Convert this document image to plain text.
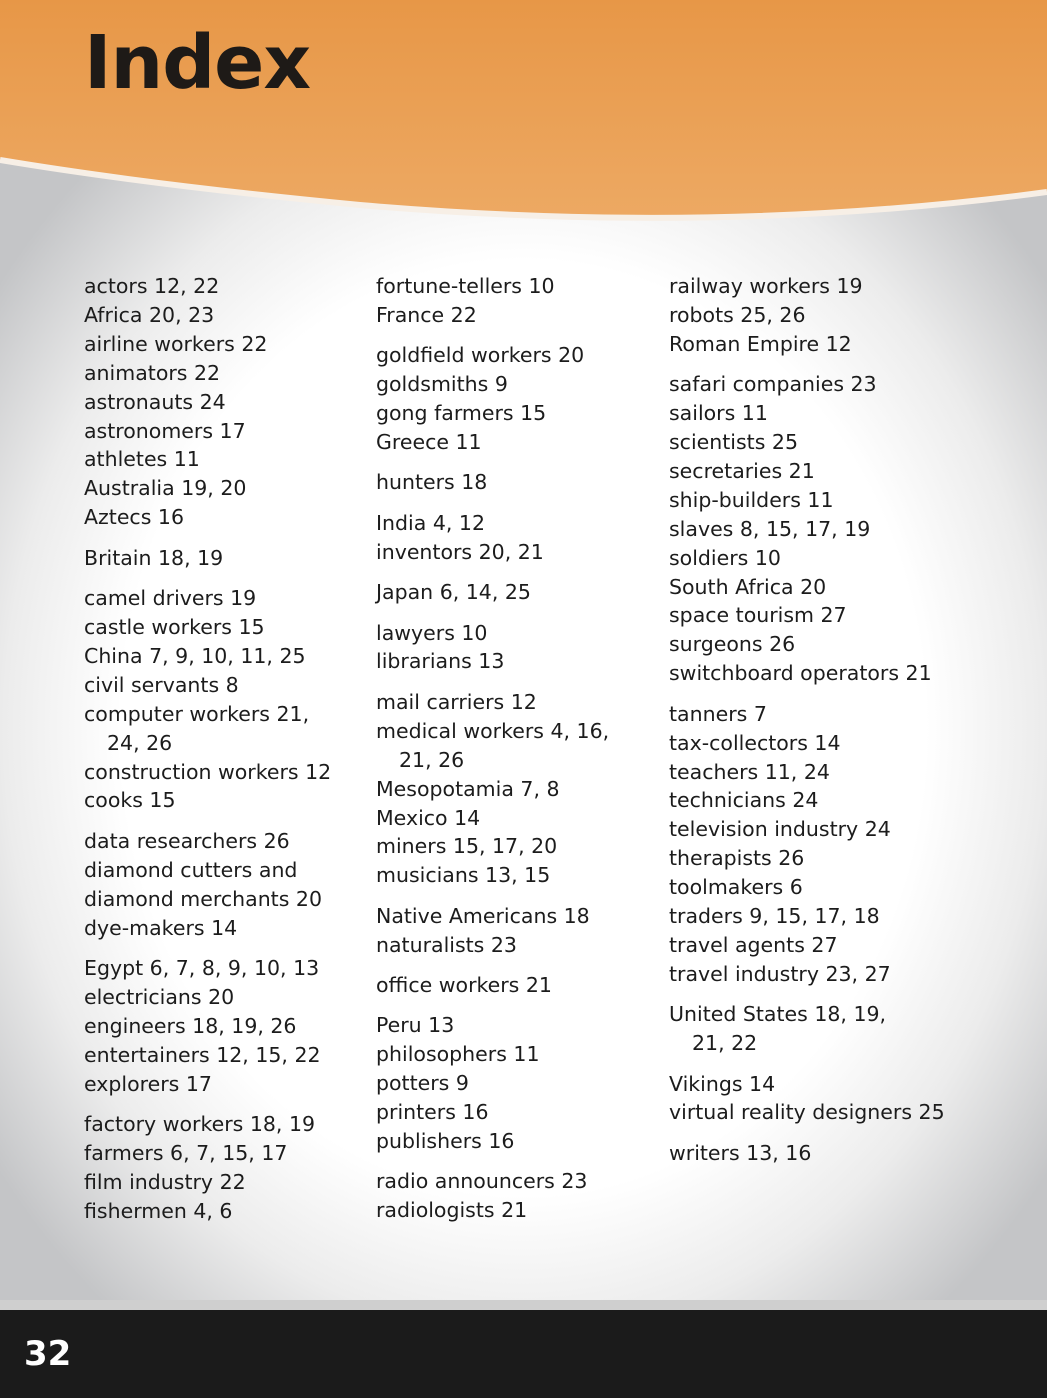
Index
actors 12, 22
Africa 20, 23
airline workers 22
animators 22
astronauts 24
astronomers 17
athletes 11
Australia 19, 20
Aztecs 16
Britain 18, 19
camel drivers 19
castle workers 15
China 7, 9, 10, 11, 25
civil servants 8
computer workers 21,
24, 26
construction workers 12
cooks 15
data researchers 26
diamond cutters and
diamond merchants 20
dye-makers 14
Egypt 6, 7, 8, 9, 10, 13
electricians 20
engineers 18, 19, 26
entertainers 12, 15, 22
explorers 17
factory workers 18, 19
farmers 6, 7, 15, 17
film industry 22
fishermen 4, 6
fortune-tellers 10
France 22
goldfield workers 20
goldsmiths 9
gong farmers 15
Greece 11
hunters 18
India 4, 12
inventors 20, 21
Japan 6, 14, 25
lawyers 10
librarians 13
mail carriers 12
medical workers 4, 16,
21, 26
Mesopotamia 7, 8
Mexico 14
miners 15, 17, 20
musicians 13, 15
Native Americans 18
naturalists 23
office workers 21
Peru 13
philosophers 11
potters 9
printers 16
publishers 16
radio announcers 23
radiologists 21
railway workers 19
robots 25, 26
Roman Empire 12
safari companies 23
sailors 11
scientists 25
secretaries 21
ship-builders 11
slaves 8, 15, 17, 19
soldiers 10
South Africa 20
space tourism 27
surgeons 26
switchboard operators 21
tanners 7
tax-collectors 14
teachers 11, 24
technicians 24
television industry 24
therapists 26
toolmakers 6
traders 9, 15, 17, 18
travel agents 27
travel industry 23, 27
United States 18, 19,
21, 22
Vikings 14
virtual reality designers 25
writers 13, 16
32
